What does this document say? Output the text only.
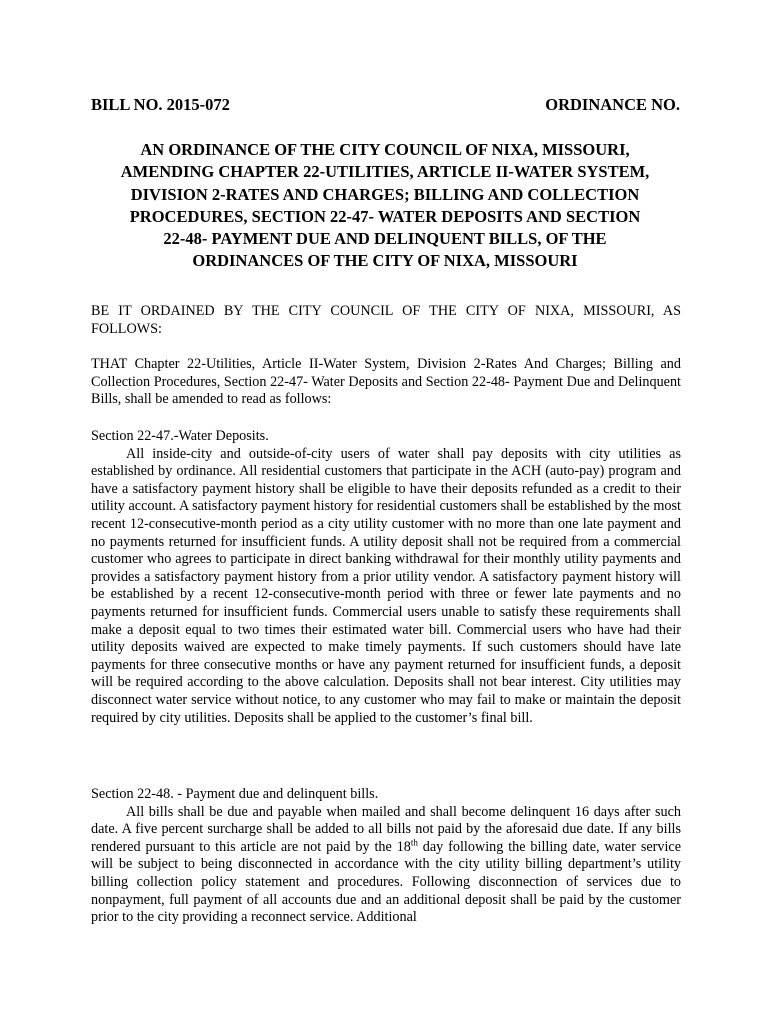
BILL NO. 2015-072	ORDINANCE NO.
AN ORDINANCE OF THE CITY COUNCIL OF NIXA, MISSOURI, AMENDING CHAPTER 22-UTILITIES, ARTICLE II-WATER SYSTEM, DIVISION 2-RATES AND CHARGES; BILLING AND COLLECTION PROCEDURES, SECTION 22-47- WATER DEPOSITS AND SECTION 22-48- PAYMENT DUE AND DELINQUENT BILLS, OF THE ORDINANCES OF THE CITY OF NIXA, MISSOURI
BE IT ORDAINED BY THE CITY COUNCIL OF THE CITY OF NIXA, MISSOURI, AS FOLLOWS:
THAT Chapter 22-Utilities, Article II-Water System, Division 2-Rates And Charges; Billing and Collection Procedures, Section 22-47- Water Deposits and Section 22-48- Payment Due and Delinquent Bills, shall be amended to read as follows:
Section 22-47.-Water Deposits.
All inside-city and outside-of-city users of water shall pay deposits with city utilities as established by ordinance. All residential customers that participate in the ACH (auto-pay) program and have a satisfactory payment history shall be eligible to have their deposits refunded as a credit to their utility account. A satisfactory payment history for residential customers shall be established by the most recent 12-consecutive-month period as a city utility customer with no more than one late payment and no payments returned for insufficient funds. A utility deposit shall not be required from a commercial customer who agrees to participate in direct banking withdrawal for their monthly utility payments and provides a satisfactory payment history from a prior utility vendor. A satisfactory payment history will be established by a recent 12-consecutive-month period with three or fewer late payments and no payments returned for insufficient funds. Commercial users unable to satisfy these requirements shall make a deposit equal to two times their estimated water bill. Commercial users who have had their utility deposits waived are expected to make timely payments. If such customers should have late payments for three consecutive months or have any payment returned for insufficient funds, a deposit will be required according to the above calculation. Deposits shall not bear interest. City utilities may disconnect water service without notice, to any customer who may fail to make or maintain the deposit required by city utilities. Deposits shall be applied to the customer’s final bill.
Section 22-48. - Payment due and delinquent bills.
All bills shall be due and payable when mailed and shall become delinquent 16 days after such date. A five percent surcharge shall be added to all bills not paid by the aforesaid due date. If any bills rendered pursuant to this article are not paid by the 18th day following the billing date, water service will be subject to being disconnected in accordance with the city utility billing department’s utility billing collection policy statement and procedures. Following disconnection of services due to nonpayment, full payment of all accounts due and an additional deposit shall be paid by the customer prior to the city providing a reconnect service. Additional
